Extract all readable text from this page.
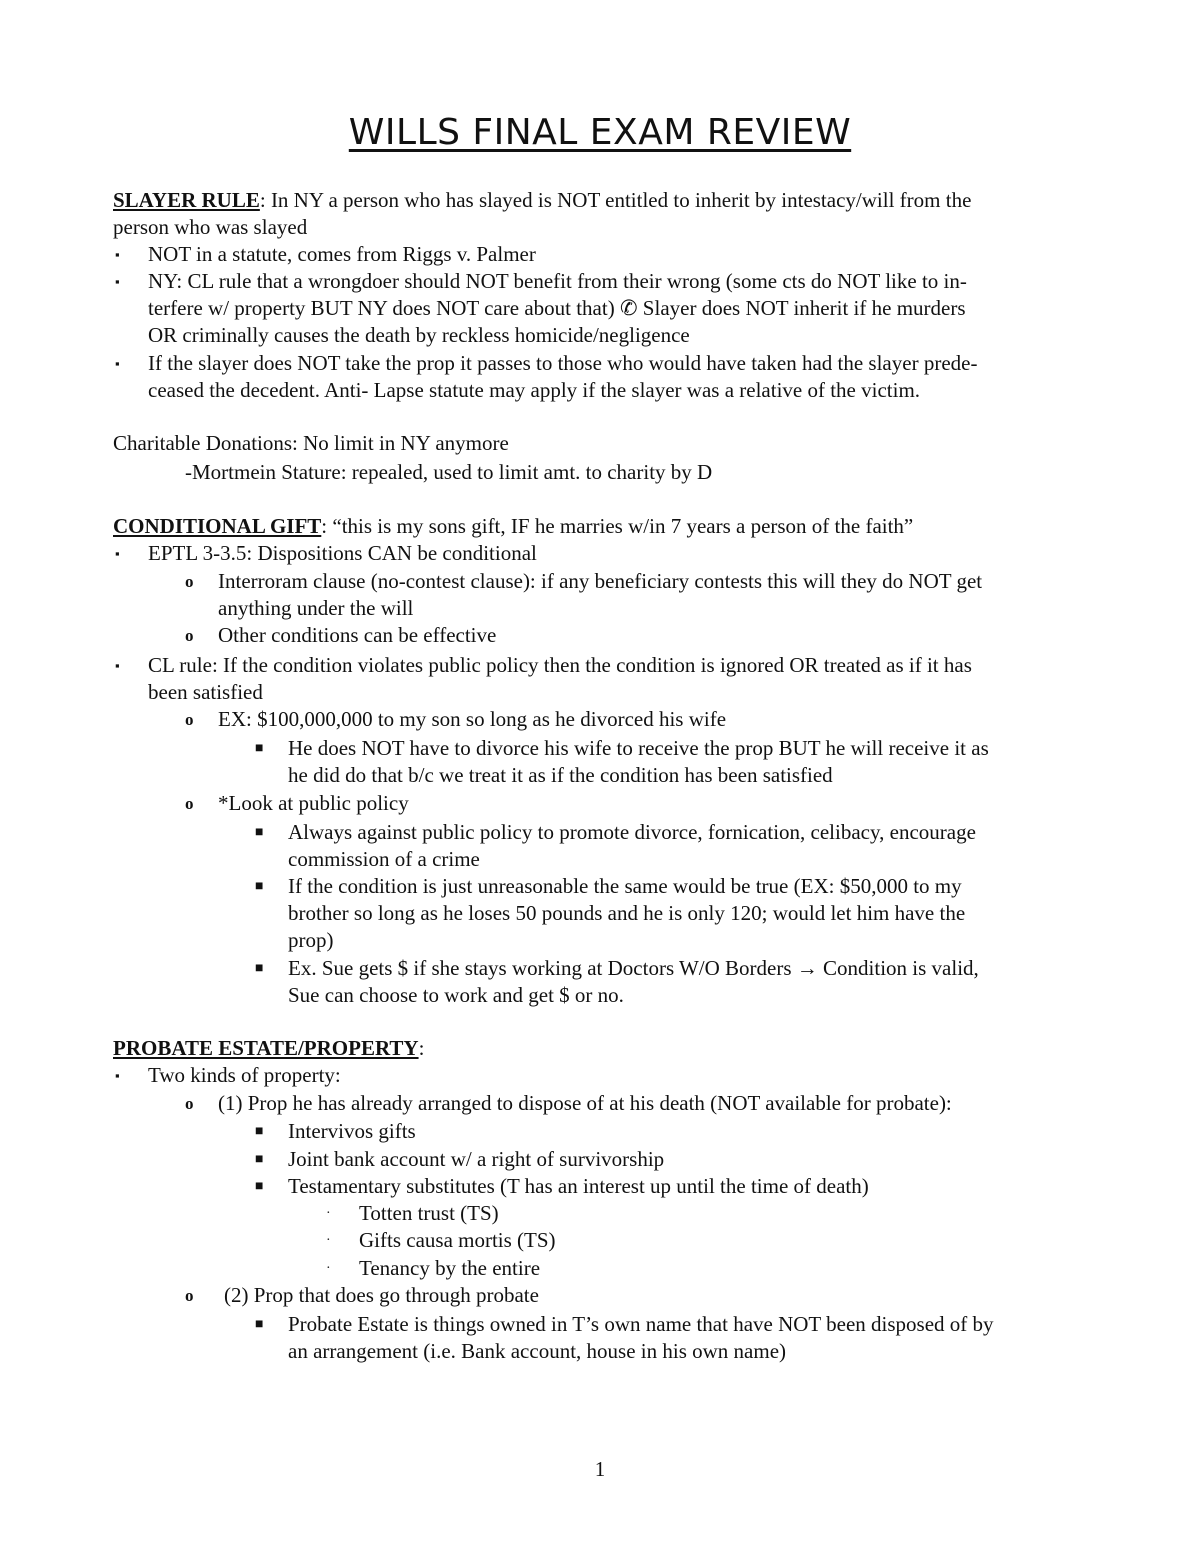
WILLS FINAL EXAM REVIEW
SLAYER RULE: In NY a person who has slayed is NOT entitled to inherit by intestacy/will from the
person who was slayed
▪ NOT in a statute, comes from Riggs v. Palmer
▪ NY: CL rule that a wrongdoer should NOT benefit from their wrong (some cts do NOT like to in-
terfere w/ property BUT NY does NOT care about that) ✆ Slayer does NOT inherit if he murders
OR criminally causes the death by reckless homicide/negligence
▪ If the slayer does NOT take the prop it passes to those who would have taken had the slayer prede-
ceased the decedent. Anti- Lapse statute may apply if the slayer was a relative of the victim.
Charitable Donations: No limit in NY anymore
-Mortmein Stature: repealed, used to limit amt. to charity by D
CONDITIONAL GIFT: “this is my sons gift, IF he marries w/in 7 years a person of the faith”
▪ EPTL 3-3.5: Dispositions CAN be conditional
o Interroram clause (no-contest clause): if any beneficiary contests this will they do NOT get
anything under the will
o Other conditions can be effective
▪ CL rule: If the condition violates public policy then the condition is ignored OR treated as if it has
been satisfied
o EX: $100,000,000 to my son so long as he divorced his wife
■ He does NOT have to divorce his wife to receive the prop BUT he will receive it as
he did do that b/c we treat it as if the condition has been satisfied
o *Look at public policy
■ Always against public policy to promote divorce, fornication, celibacy, encourage
commission of a crime
■ If the condition is just unreasonable the same would be true (EX: $50,000 to my
brother so long as he loses 50 pounds and he is only 120; would let him have the
prop)
■ Ex. Sue gets $ if she stays working at Doctors W/O Borders → Condition is valid,
Sue can choose to work and get $ or no.
PROBATE ESTATE/PROPERTY:
▪ Two kinds of property:
o (1) Prop he has already arranged to dispose of at his death (NOT available for probate):
■ Intervivos gifts
■ Joint bank account w/ a right of survivorship
■ Testamentary substitutes (T has an interest up until the time of death)
· Totten trust (TS)
· Gifts causa mortis (TS)
· Tenancy by the entire
o (2) Prop that does go through probate
■ Probate Estate is things owned in T’s own name that have NOT been disposed of by
an arrangement (i.e. Bank account, house in his own name)
1
